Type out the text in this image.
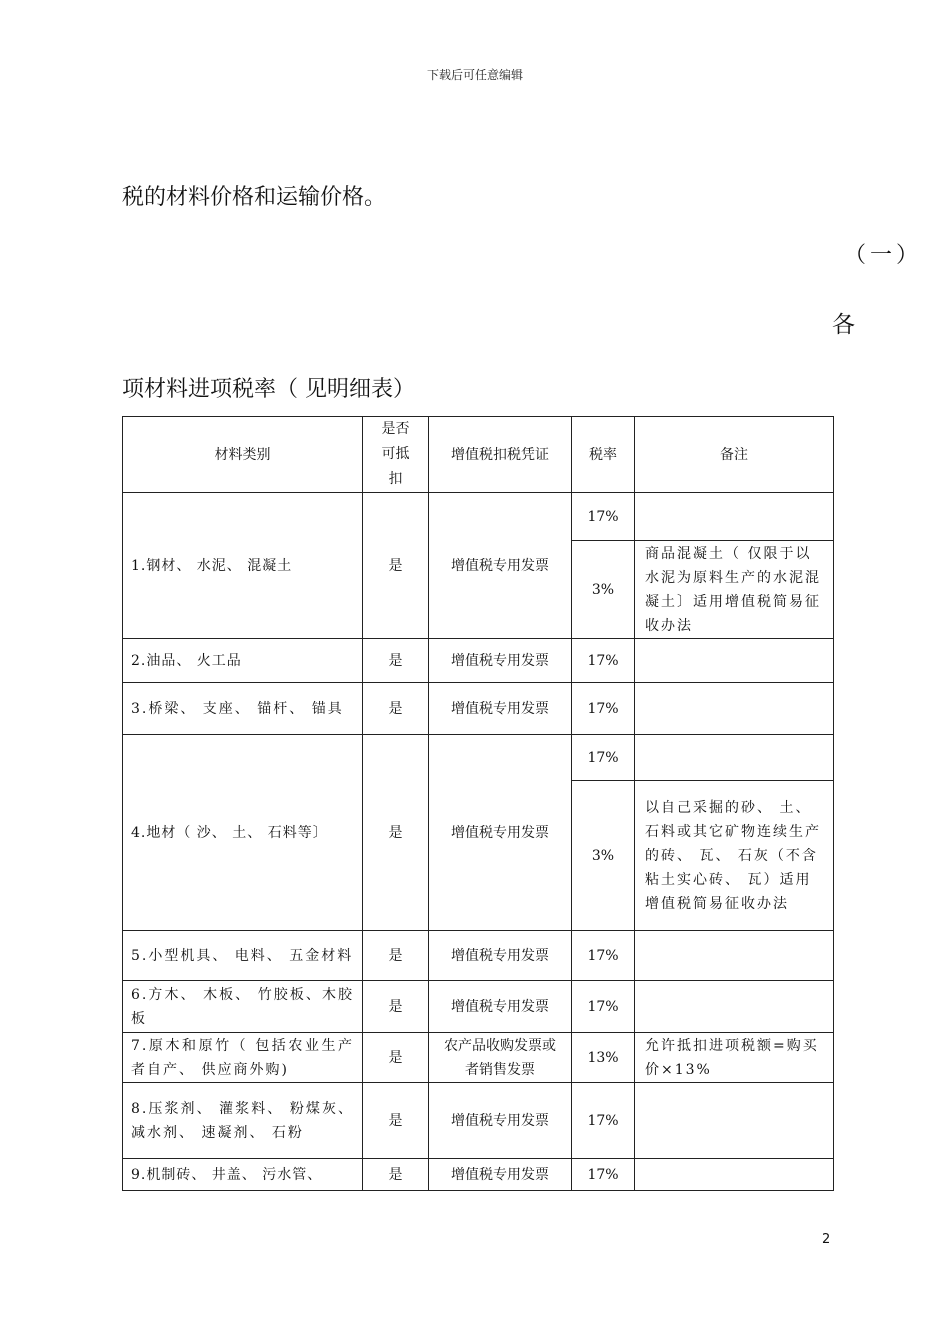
下载后可任意编辑
税的材料价格和运输价格。
（一）
各
项材料进项税率（ 见明细表）
材料类别	是否可抵扣	增值税扣税凭证	税率	备注
1.钢材、 水泥、 混凝土	是	增值税专用发票	17%	
			3%	商品混凝土（ 仅限于以水泥为原料生产的水泥混凝土〕适用增值税简易征收办法
2.油品、 火工品	是	增值税专用发票	17%	
3.桥梁、 支座、 锚杆、 锚具	是	增值税专用发票	17%	
4.地材（ 沙、 土、 石料等〕	是	增值税专用发票	17%	
			3%	以自己采掘的砂、 土、石料或其它矿物连续生产的砖、 瓦、 石灰（不含粘土实心砖、 瓦）适用增值税简易征收办法
5.小型机具、 电料、 五金材料	是	增值税专用发票	17%	
6.方木、 木板、 竹胶板、木胶板	是	增值税专用发票	17%	
7.原木和原竹（ 包括农业生产者自产、 供应商外购)	是	农产品收购发票或者销售发票	13%	允许抵扣进项税额=购买价×13%
8.压浆剂、 灌浆料、 粉煤灰、 减水剂、 速凝剂、 石粉	是	增值税专用发票	17%	
9.机制砖、 井盖、 污水管、	是	增值税专用发票	17%	
2
